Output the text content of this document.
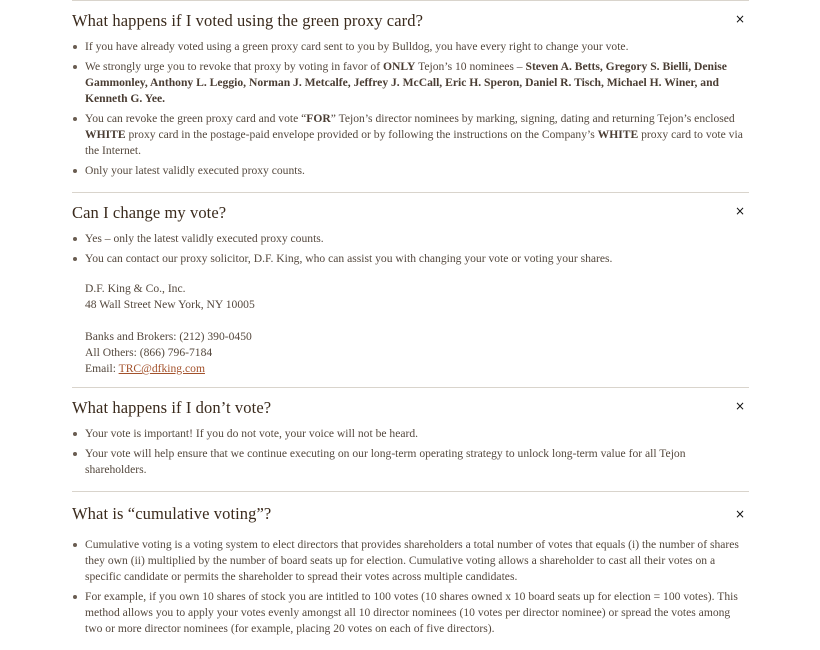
What happens if I voted using the green proxy card?	×
If you have already voted using a green proxy card sent to you by Bulldog, you have every right to change your vote.
We strongly urge you to revoke that proxy by voting in favor of ONLY Tejon’s 10 nominees – Steven A. Betts, Gregory S. Bielli, Denise Gammonley, Anthony L. Leggio, Norman J. Metcalfe, Jeffrey J. McCall, Eric H. Speron, Daniel R. Tisch, Michael H. Winer, and Kenneth G. Yee.
You can revoke the green proxy card and vote “FOR” Tejon’s director nominees by marking, signing, dating and returning Tejon’s enclosed WHITE proxy card in the postage-paid envelope provided or by following the instructions on the Company’s WHITE proxy card to vote via the Internet.
Only your latest validly executed proxy counts.
Can I change my vote?	×
Yes – only the latest validly executed proxy counts.
You can contact our proxy solicitor, D.F. King, who can assist you with changing your vote or voting your shares.
D.F. King & Co., Inc.
48 Wall Street New York, NY 10005
Banks and Brokers: (212) 390-0450
All Others: (866) 796-7184
Email: TRC@dfking.com
What happens if I don’t vote?	×
Your vote is important! If you do not vote, your voice will not be heard.
Your vote will help ensure that we continue executing on our long-term operating strategy to unlock long-term value for all Tejon shareholders.
What is “cumulative voting”?	×
Cumulative voting is a voting system to elect directors that provides shareholders a total number of votes that equals (i) the number of shares they own (ii) multiplied by the number of board seats up for election. Cumulative voting allows a shareholder to cast all their votes on a specific candidate or permits the shareholder to spread their votes across multiple candidates.
For example, if you own 10 shares of stock you are intitled to 100 votes (10 shares owned x 10 board seats up for election = 100 votes). This method allows you to apply your votes evenly amongst all 10 director nominees (10 votes per director nominee) or spread the votes among two or more director nominees (for example, placing 20 votes on each of five directors).
